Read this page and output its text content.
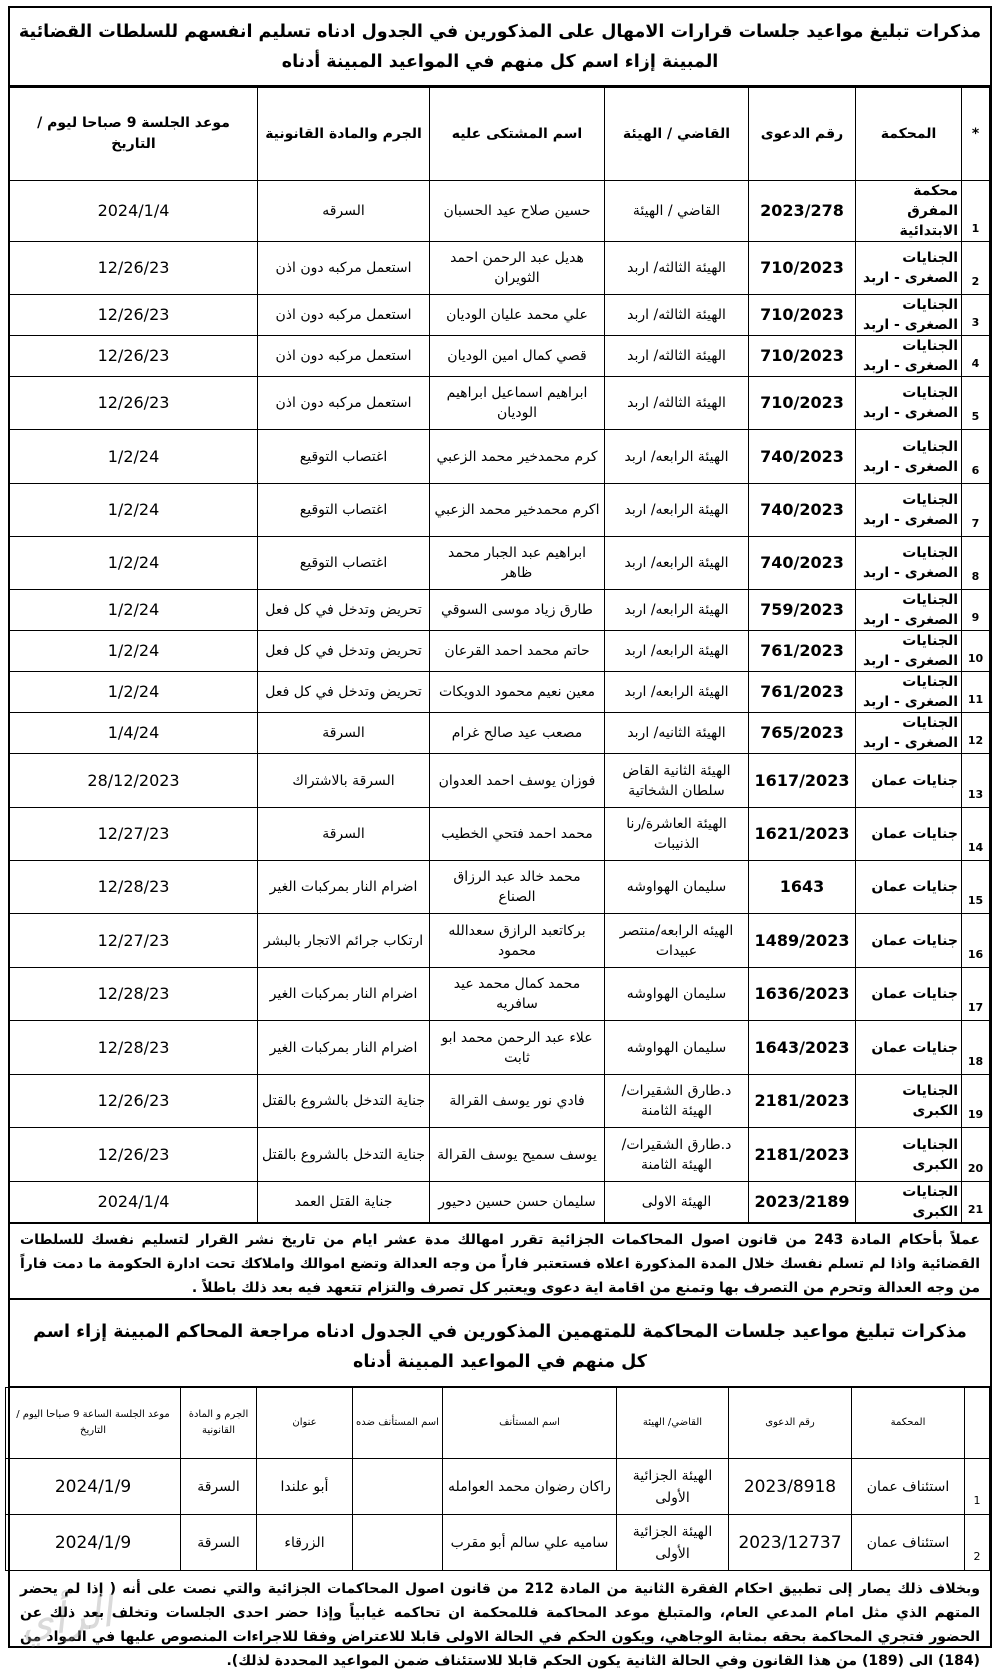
مذكرات تبليغ مواعيد جلسات قرارات الامهال على المذكورين في الجدول ادناه تسليم انفسهم للسلطات القضائية المبينة إزاء اسم كل منهم في المواعيد المبينة أدناه
*	المحكمة	رقم الدعوى	القاضي / الهيئة	اسم المشتكى عليه	الجرم والمادة القانونية	موعد الجلسة 9 صباحا ليوم / التاريخ
1	محكمة المفرق الابتدائية	2023/278	القاضي / الهيئة	حسين صلاح عيد الحسبان	السرقه	2024/1/4
2	الجنايات الصغرى - اربد	710/2023	الهيئة الثالثه/ اربد	هديل عبد الرحمن احمد الثويران	استعمل مركبه دون اذن	12/26/23
3	الجنايات الصغرى - اربد	710/2023	الهيئة الثالثه/ اربد	علي محمد عليان الوديان	استعمل مركبه دون اذن	12/26/23
4	الجنايات الصغرى - اربد	710/2023	الهيئة الثالثه/ اربد	قصي كمال امين الوديان	استعمل مركبه دون اذن	12/26/23
5	الجنايات الصغرى - اربد	710/2023	الهيئة الثالثه/ اربد	ابراهيم اسماعيل ابراهيم الوديان	استعمل مركبه دون اذن	12/26/23
6	الجنايات الصغرى - اربد	740/2023	الهيئة الرابعه/ اربد	كرم محمدخير محمد الزعبي	اغتصاب التوقيع	1/2/24
7	الجنايات الصغرى - اربد	740/2023	الهيئة الرابعه/ اربد	اكرم محمدخير محمد الزعبي	اغتصاب التوقيع	1/2/24
8	الجنايات الصغرى - اربد	740/2023	الهيئة الرابعه/ اربد	ابراهيم عبد الجبار محمد ظاهر	اغتصاب التوقيع	1/2/24
9	الجنايات الصغرى - اربد	759/2023	الهيئة الرابعه/ اربد	طارق زياد موسى السوقي	تحريض وتدخل في كل فعل	1/2/24
10	الجنايات الصغرى - اربد	761/2023	الهيئة الرابعه/ اربد	حاتم محمد احمد القرعان	تحريض وتدخل في كل فعل	1/2/24
11	الجنايات الصغرى - اربد	761/2023	الهيئة الرابعه/ اربد	معين نعيم محمود الدويكات	تحريض وتدخل في كل فعل	1/2/24
12	الجنايات الصغرى - اربد	765/2023	الهيئة الثانيه/ اربد	مصعب عيد صالح غرام	السرقة	1/4/24
13	جنايات عمان	1617/2023	الهيئة الثانية القاض سلطان الشخاتية	فوزان يوسف احمد العدوان	السرقة بالاشتراك	28/12/2023
14	جنايات عمان	1621/2023	الهيئة العاشرة/رنا الذنيبات	محمد احمد فتحي الخطيب	السرقة	12/27/23
15	جنايات عمان	1643	سليمان الهواوشه	محمد خالد عبد الرزاق الصناع	اضرام النار بمركبات الغير	12/28/23
16	جنايات عمان	1489/2023	الهيئه الرابعه/منتصر عبيدات	بركاتعبد الرازق سعدالله محمود	ارتكاب جرائم الاتجار بالبشر	12/27/23
17	جنايات عمان	1636/2023	سليمان الهواوشه	محمد كمال محمد عيد سافريه	اضرام النار بمركبات الغير	12/28/23
18	جنايات عمان	1643/2023	سليمان الهواوشه	علاء عبد الرحمن محمد ابو ثابت	اضرام النار بمركبات الغير	12/28/23
19	الجنايات الكبرى	2181/2023	د.طارق الشقيرات/الهيئة الثامنة	فادي نور يوسف القرالة	جناية التدخل بالشروع بالقتل	12/26/23
20	الجنايات الكبرى	2181/2023	د.طارق الشقيرات/الهيئة الثامنة	يوسف سميح يوسف القرالة	جناية التدخل بالشروع بالقتل	12/26/23
21	الجنايات الكبرى	2023/2189	الهيئة الاولى	سليمان حسن حسين دحيور	جناية القتل العمد	2024/1/4
عملاً بأحكام المادة 243 من قانون اصول المحاكمات الجزائية تقرر امهالك مدة عشر ايام من تاريخ نشر القرار لتسليم نفسك للسلطات القضائية واذا لم تسلم نفسك خلال المدة المذكورة اعلاه فستعتبر فاراً من وجه العدالة وتضع اموالك واملاكك تحت ادارة الحكومة ما دمت فاراً من وجه العدالة وتحرم من التصرف بها وتمنع من اقامة اية دعوى ويعتبر كل تصرف والتزام تتعهد فيه بعد ذلك باطلاً .
مذكرات تبليغ مواعيد جلسات المحاكمة للمتهمين المذكورين في الجدول ادناه مراجعة المحاكم المبينة إزاء اسم كل منهم في المواعيد المبينة أدناه
	المحكمة	رقم الدعوى	القاضي/ الهيئة	اسم المستأنف	اسم المستأنف ضده	عنوان	الجرم و المادة القانونية	موعد الجلسة الساعة 9 صباحا اليوم / التاريخ
1	استئناف عمان	2023/8918	الهيئة الجزائية الأولى	راكان رضوان محمد العوامله		أبو علندا	السرقة	2024/1/9
2	استئناف عمان	2023/12737	الهيئة الجزائية الأولى	ساميه علي سالم أبو مقرب		الزرقاء	السرقة	2024/1/9
وبخلاف ذلك يصار إلى تطبيق احكام الفقرة الثانية من المادة 212 من قانون اصول المحاكمات الجزائية والتي نصت على أنه ( إذا لم يحضر المتهم الذي مثل امام المدعي العام، والمتبلغ موعد المحاكمة فللمحكمة ان تحاكمه غيابياً وإذا حضر احدى الجلسات وتخلف بعد ذلك عن الحضور فتجري المحاكمة بحقه بمثابة الوجاهي، ويكون الحكم في الحالة الاولى قابلا للاعتراض وفقا للاجراءات المنصوص عليها في المواد من (184) الى (189) من هذا القانون وفي الحالة الثانية يكون الحكم قابلا للاستئناف ضمن المواعيد المحددة لذلك).
الرأي
